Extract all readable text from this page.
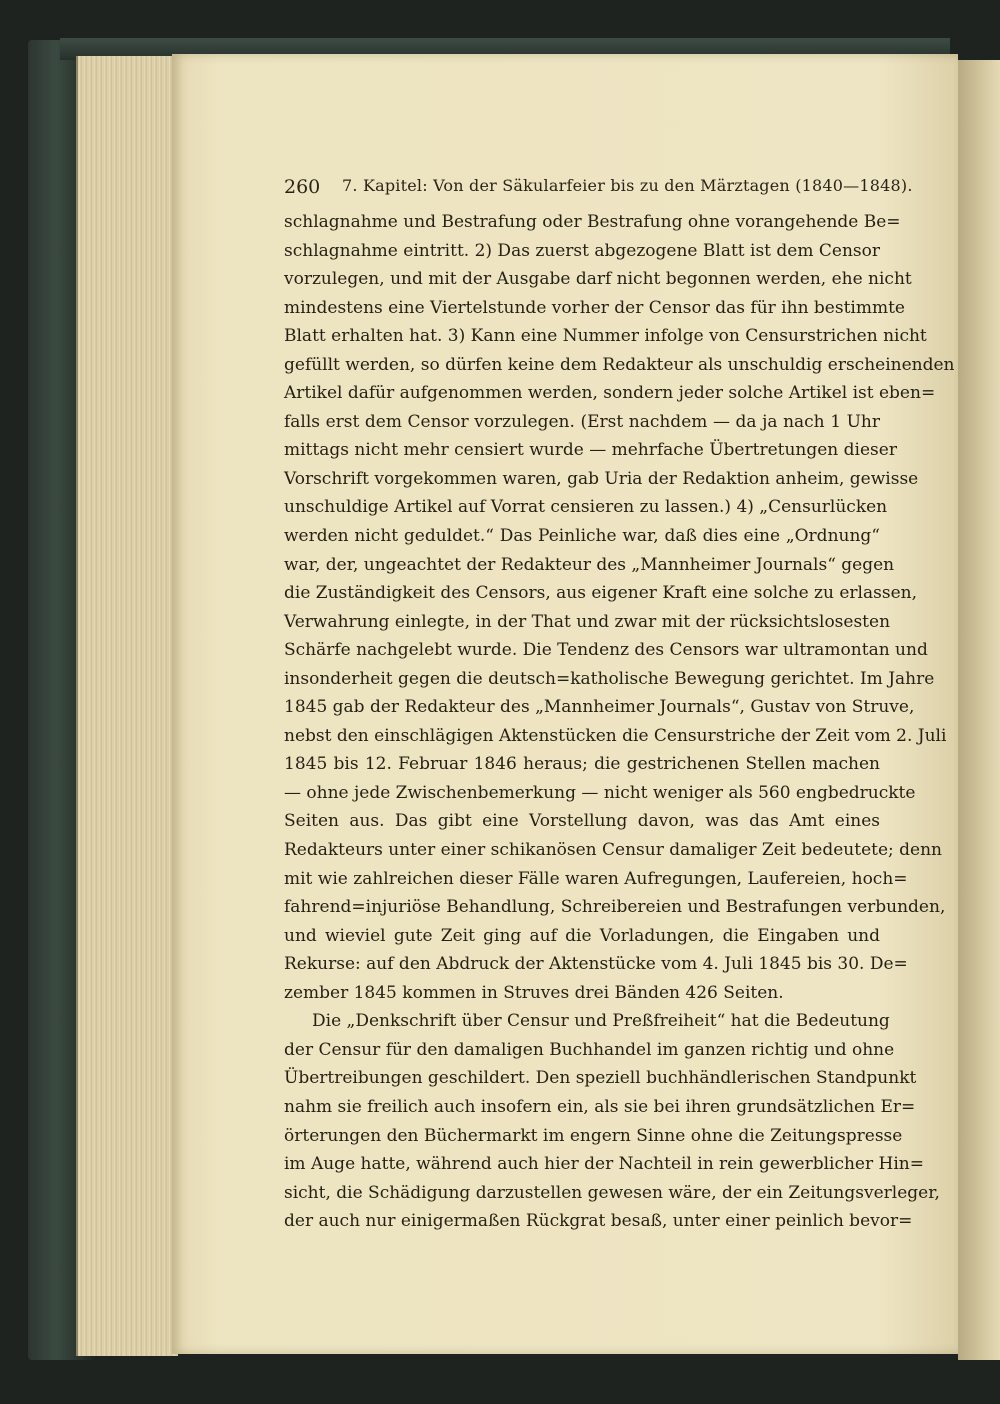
260 7. Kapitel: Von der Säkularfeier bis zu den Märztagen (1840—1848).
schlagnahme und Bestrafung oder Bestrafung ohne vorangehende Be=
schlagnahme eintritt. 2) Das zuerst abgezogene Blatt ist dem Censor
vorzulegen, und mit der Ausgabe darf nicht begonnen werden, ehe nicht
mindestens eine Viertelstunde vorher der Censor das für ihn bestimmte
Blatt erhalten hat. 3) Kann eine Nummer infolge von Censurstrichen nicht
gefüllt werden, so dürfen keine dem Redakteur als unschuldig erscheinenden
Artikel dafür aufgenommen werden, sondern jeder solche Artikel ist eben=
falls erst dem Censor vorzulegen. (Erst nachdem — da ja nach 1 Uhr
mittags nicht mehr censiert wurde — mehrfache Übertretungen dieser
Vorschrift vorgekommen waren, gab Uria der Redaktion anheim, gewisse
unschuldige Artikel auf Vorrat censieren zu lassen.) 4) „Censurlücken
werden nicht geduldet.“ Das Peinliche war, daß dies eine „Ordnung“
war, der, ungeachtet der Redakteur des „Mannheimer Journals“ gegen
die Zuständigkeit des Censors, aus eigener Kraft eine solche zu erlassen,
Verwahrung einlegte, in der That und zwar mit der rücksichtslosesten
Schärfe nachgelebt wurde. Die Tendenz des Censors war ultramontan und
insonderheit gegen die deutsch=katholische Bewegung gerichtet. Im Jahre
1845 gab der Redakteur des „Mannheimer Journals“, Gustav von Struve,
nebst den einschlägigen Aktenstücken die Censurstriche der Zeit vom 2. Juli
1845 bis 12. Februar 1846 heraus; die gestrichenen Stellen machen
— ohne jede Zwischenbemerkung — nicht weniger als 560 engbedruckte
Seiten aus. Das gibt eine Vorstellung davon, was das Amt eines
Redakteurs unter einer schikanösen Censur damaliger Zeit bedeutete; denn
mit wie zahlreichen dieser Fälle waren Aufregungen, Laufereien, hoch=
fahrend=injuriöse Behandlung, Schreibereien und Bestrafungen verbunden,
und wieviel gute Zeit ging auf die Vorladungen, die Eingaben und
Rekurse: auf den Abdruck der Aktenstücke vom 4. Juli 1845 bis 30. De=
zember 1845 kommen in Struves drei Bänden 426 Seiten.
Die „Denkschrift über Censur und Preßfreiheit“ hat die Bedeutung
der Censur für den damaligen Buchhandel im ganzen richtig und ohne
Übertreibungen geschildert. Den speziell buchhändlerischen Standpunkt
nahm sie freilich auch insofern ein, als sie bei ihren grundsätzlichen Er=
örterungen den Büchermarkt im engern Sinne ohne die Zeitungspresse
im Auge hatte, während auch hier der Nachteil in rein gewerblicher Hin=
sicht, die Schädigung darzustellen gewesen wäre, der ein Zeitungsverleger,
der auch nur einigermaßen Rückgrat besaß, unter einer peinlich bevor=
